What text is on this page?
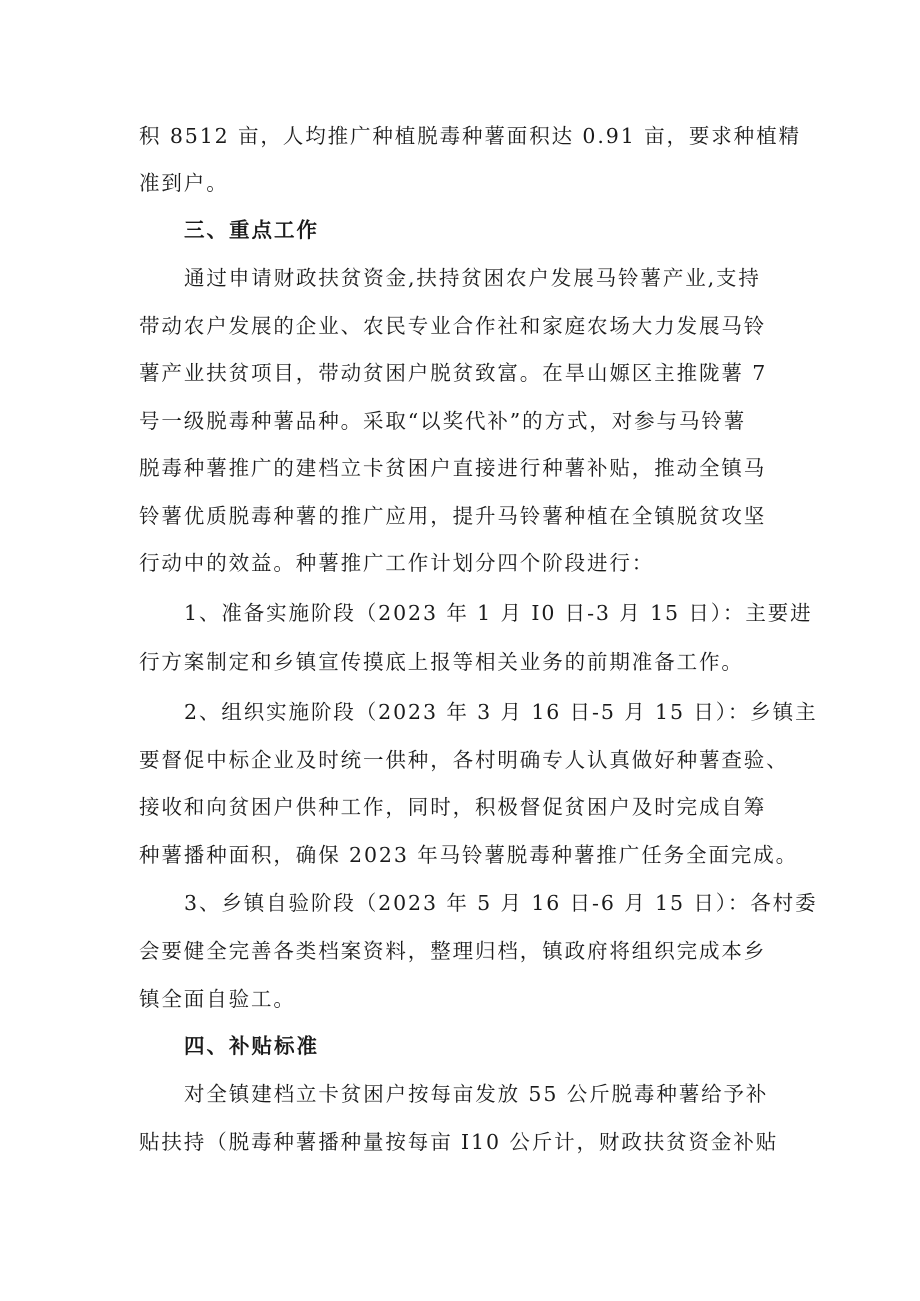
积 8512 亩，人均推广种植脱毒种薯面积达 0.91 亩，要求种植精
准到户。
三、重点工作
通过申请财政扶贫资金,扶持贫困农户发展马铃薯产业,支持
带动农户发展的企业、农民专业合作社和家庭农场大力发展马铃
薯产业扶贫项目，带动贫困户脱贫致富。在旱山嫄区主推陇薯 7
号一级脱毒种薯品种。采取“以奖代补”的方式，对参与马铃薯
脱毒种薯推广的建档立卡贫困户直接进行种薯补贴，推动全镇马
铃薯优质脱毒种薯的推广应用，提升马铃薯种植在全镇脱贫攻坚
行动中的效益。种薯推广工作计划分四个阶段进行：
1、准备实施阶段（2023 年 1 月 I0 日-3 月 15 日）：主要进
行方案制定和乡镇宣传摸底上报等相关业务的前期准备工作。
2、组织实施阶段（2023 年 3 月 16 日-5 月 15 日）：乡镇主
要督促中标企业及时统一供种，各村明确专人认真做好种薯查验、
接收和向贫困户供种工作，同时，积极督促贫困户及时完成自筹
种薯播种面积，确保 2023 年马铃薯脱毒种薯推广任务全面完成。
3、乡镇自验阶段（2023 年 5 月 16 日-6 月 15 日）：各村委
会要健全完善各类档案资料，整理归档，镇政府将组织完成本乡
镇全面自验工。
四、补贴标准
对全镇建档立卡贫困户按每亩发放 55 公斤脱毒种薯给予补
贴扶持（脱毒种薯播种量按每亩 I10 公斤计，财政扶贫资金补贴
